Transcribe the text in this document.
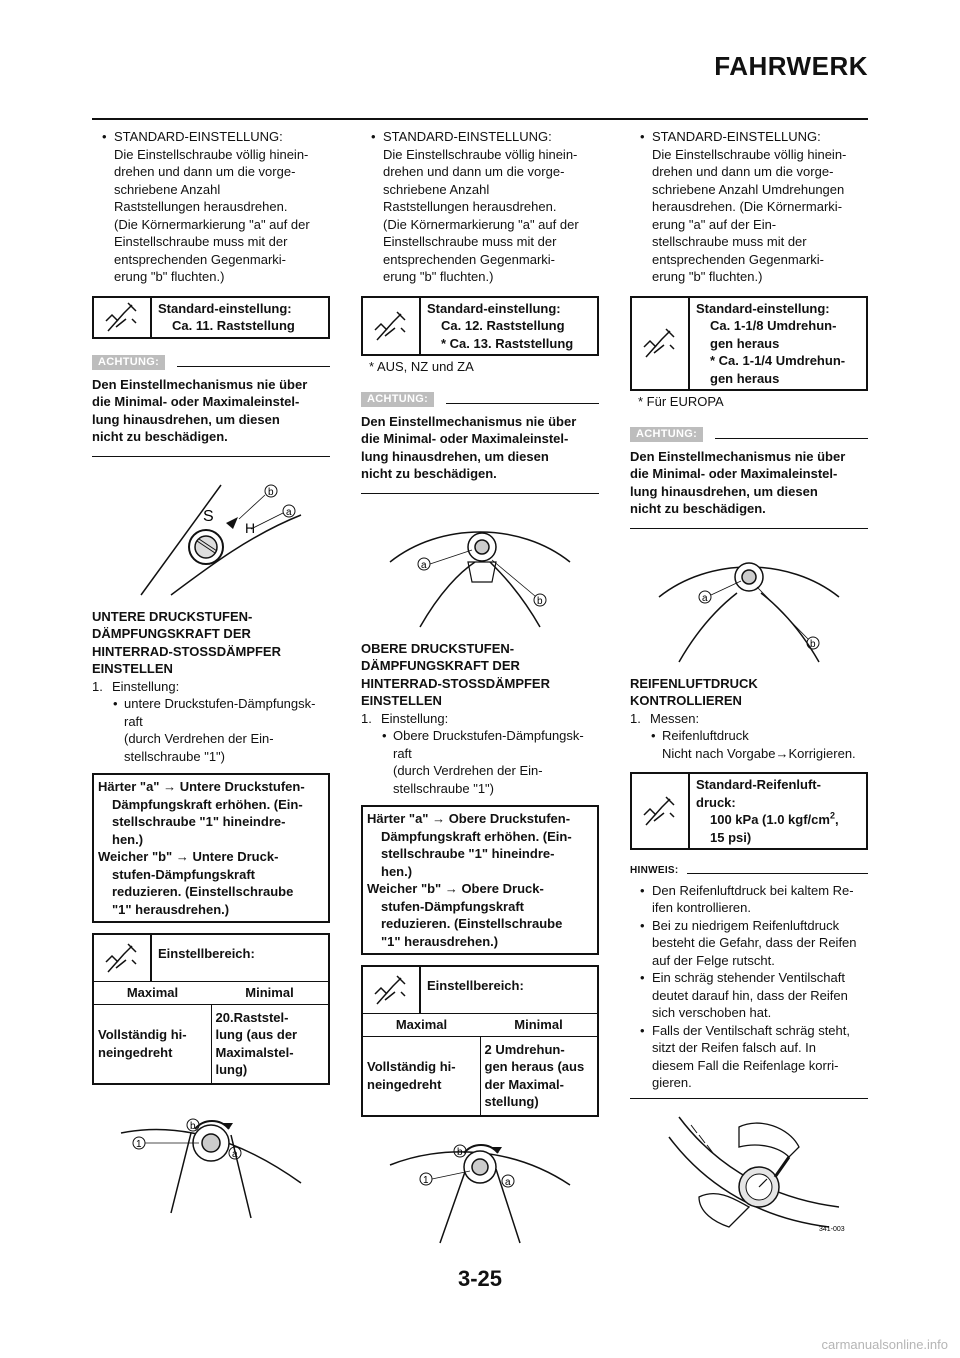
FAHRWERK
• STANDARD-EINSTELLUNG:
Die Einstellschraube völlig hinein-
drehen und dann um die vorge-
schriebene Anzahl
Raststellungen herausdrehen.
(Die Körnermarkierung "a" auf der
Einstellschraube muss mit der
entsprechenden Gegenmarki-
erung "b" fluchten.)
Standard-einstellung:
Ca. 11. Raststellung
ACHTUNG:
Den Einstellmechanismus nie über
die Minimal- oder Maximaleinstel-
lung hinausdrehen, um diesen
nicht zu beschädigen.
S
H
b
a
UNTERE DRUCKSTUFEN-
DÄMPFUNGSKRAFT DER
HINTERRAD-STOSSDÄMPFER
EINSTELLEN
1. Einstellung:
• untere Druckstufen-Dämpfungsk-
raft
(durch Verdrehen der Ein-
stellschraube "1")
Härter "a" → Untere Druckstufen-
Dämpfungskraft erhöhen. (Ein-
stellschraube "1" hineindre-
hen.)
Weicher "b" → Untere Druck-
stufen-Dämpfungskraft
reduzieren. (Einstellschraube
"1" herausdrehen.)
Einstellbereich:
Maximal	Minimal
Vollständig hi-
neingedreht
20.Raststel-
lung (aus der
Maximalstel-
lung)
b
a
1
• STANDARD-EINSTELLUNG:
Die Einstellschraube völlig hinein-
drehen und dann um die vorge-
schriebene Anzahl
Raststellungen herausdrehen.
(Die Körnermarkierung "a" auf der
Einstellschraube muss mit der
entsprechenden Gegenmarki-
erung "b" fluchten.)
Standard-einstellung:
Ca. 12. Raststellung
* Ca. 13. Raststellung
* AUS, NZ und ZA
ACHTUNG:
Den Einstellmechanismus nie über
die Minimal- oder Maximaleinstel-
lung hinausdrehen, um diesen
nicht zu beschädigen.
a
b
OBERE DRUCKSTUFEN-
DÄMPFUNGSKRAFT DER
HINTERRAD-STOSSDÄMPFER
EINSTELLEN
1. Einstellung:
• Obere Druckstufen-Dämpfungsk-
raft
(durch Verdrehen der Ein-
stellschraube "1")
Härter "a" → Obere Druckstufen-
Dämpfungskraft erhöhen. (Ein-
stellschraube "1" hineindre-
hen.)
Weicher "b" → Obere Druck-
stufen-Dämpfungskraft
reduzieren. (Einstellschraube
"1" herausdrehen.)
Einstellbereich:
Maximal	Minimal
Vollständig hi-
neingedreht
2 Umdrehun-
gen heraus (aus
der Maximal-
stellung)
b
a
1
• STANDARD-EINSTELLUNG:
Die Einstellschraube völlig hinein-
drehen und dann um die vorge-
schriebene Anzahl Umdrehungen
herausdrehen. (Die Körnermarki-
erung "a" auf der Ein-
stellschraube muss mit der
entsprechenden Gegenmarki-
erung "b" fluchten.)
Standard-einstellung:
Ca. 1-1/8 Umdrehun-
gen heraus
* Ca. 1-1/4 Umdrehun-
gen heraus
* Für EUROPA
ACHTUNG:
Den Einstellmechanismus nie über
die Minimal- oder Maximaleinstel-
lung hinausdrehen, um diesen
nicht zu beschädigen.
a
b
REIFENLUFTDRUCK
KONTROLLIEREN
1. Messen:
• Reifenluftdruck
Nicht nach Vorgabe→Korrigieren.
Standard-Reifenluft-
druck:
100 kPa (1.0 kgf/$cm^2$,
15 psi)
HINWEIS:
• Den Reifenluftdruck bei kaltem Re-
ifen kontrollieren.
• Bei zu niedrigem Reifenluftdruck
besteht die Gefahr, dass der Reifen
auf der Felge rutscht.
• Ein schräg stehender Ventilschaft
deutet darauf hin, dass der Reifen
sich verschoben hat.
• Falls der Ventilschaft schräg steht,
sitzt der Reifen falsch auf. In
diesem Fall die Reifenlage korri-
gieren.
341-003
3-25
carmanualsonline.info
